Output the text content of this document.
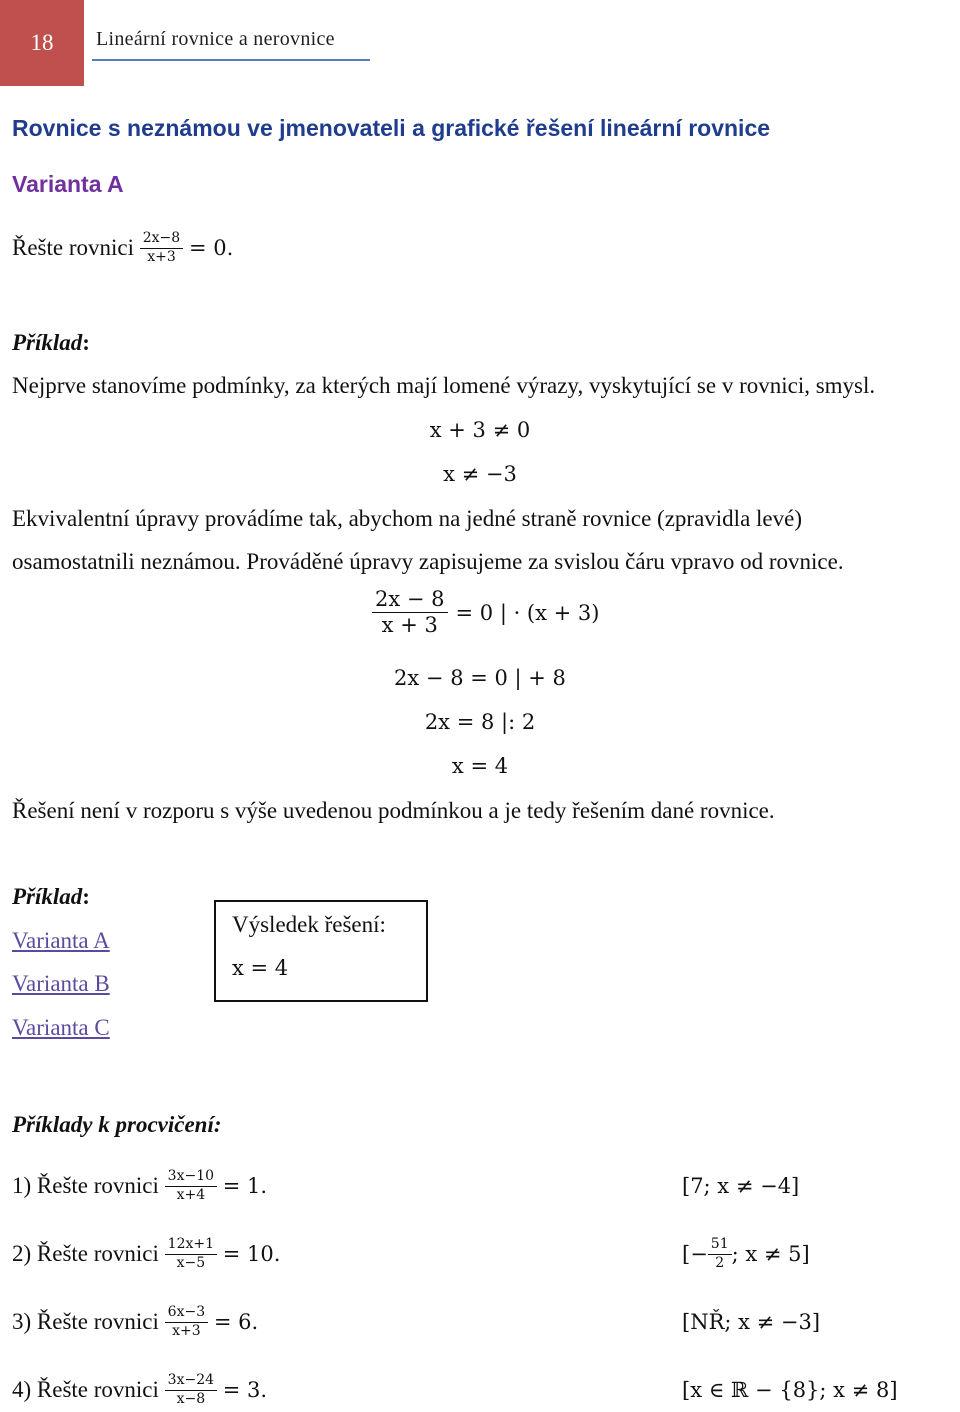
18 Lineární rovnice a nerovnice
Rovnice s neznámou ve jmenovateli a grafické řešení lineární rovnice
Varianta A
Řešte rovnici
$\frac{2x-8}{x+3}$
= 0.
Příklad:
Nejprve stanovíme podmínky, za kterých mají lomené výrazy, vyskytující se v rovnici, smysl.
x + 3 ≠ 0
x ≠ −3
Ekvivalentní úpravy provádíme tak, abychom na jedné straně rovnice (zpravidla levé)
osamostatnili neznámou. Prováděné úpravy zapisujeme za svislou čáru vpravo od rovnice.
$\frac{2x - 8}{x + 3} = 0$ | · (x + 3)
2x − 8 = 0 | + 8
2x = 8 |: 2
x = 4
Řešení není v rozporu s výše uvedenou podmínkou a je tedy řešením dané rovnice.
Příklad:
Varianta A
Varianta B
Varianta C
Výsledek řešení:
x = 4
Příklady k procvičení:
1) Řešte rovnici
$\frac{3x-10}{x+4}$
= 1.	[7; x ≠ −4]
2) Řešte rovnici
$\frac{12x+1}{x-5}$
= 10.	[− $\frac{51}{2}$ ; x ≠ 5]
3) Řešte rovnici
$\frac{6x-3}{x+3}$
= 6.	[NŘ; x ≠ −3]
4) Řešte rovnici
$\frac{3x-24}{x-8}$
= 3.	[x ∈ ℝ − {8}; x ≠ 8]
